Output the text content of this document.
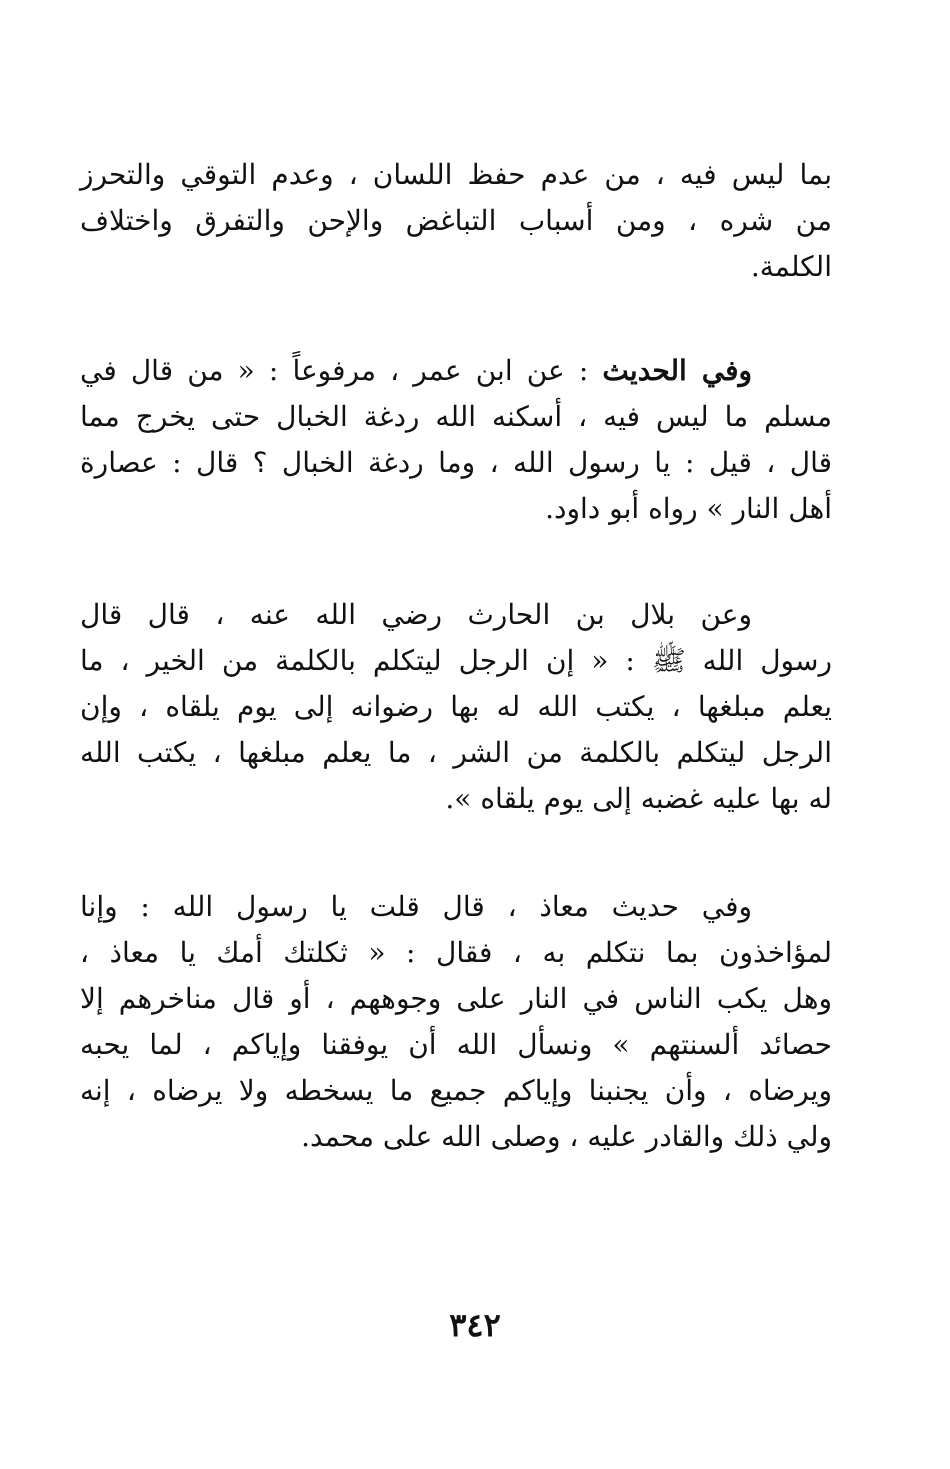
بما ليس فيه ، من عدم حفظ اللسان ، وعدم التوقي والتحرز
من شره ، ومن أسباب التباغض والإحن والتفرق واختلاف
الكلمة.
وفي الحديث : عن ابن عمر ، مرفوعاً : « من قال في
مسلم ما ليس فيه ، أسكنه الله ردغة الخبال حتى يخرج مما
قال ، قيل : يا رسول الله ، وما ردغة الخبال ؟ قال : عصارة
أهل النار » رواه أبو داود.
وعن بلال بن الحارث رضي الله عنه ، قال قال
رسول الله ﷺ : « إن الرجل ليتكلم بالكلمة من الخير ، ما
يعلم مبلغها ، يكتب الله له بها رضوانه إلى يوم يلقاه ، وإن
الرجل ليتكلم بالكلمة من الشر ، ما يعلم مبلغها ، يكتب الله
له بها عليه غضبه إلى يوم يلقاه ».
وفي حديث معاذ ، قال قلت يا رسول الله : وإنا
لمؤاخذون بما نتكلم به ، فقال : « ثكلتك أمك يا معاذ ،
وهل يكب الناس في النار على وجوههم ، أو قال مناخرهم إلا
حصائد ألسنتهم » ونسأل الله أن يوفقنا وإياكم ، لما يحبه
ويرضاه ، وأن يجنبنا وإياكم جميع ما يسخطه ولا يرضاه ، إنه
ولي ذلك والقادر عليه ، وصلى الله على محمد.
٣٤٢
